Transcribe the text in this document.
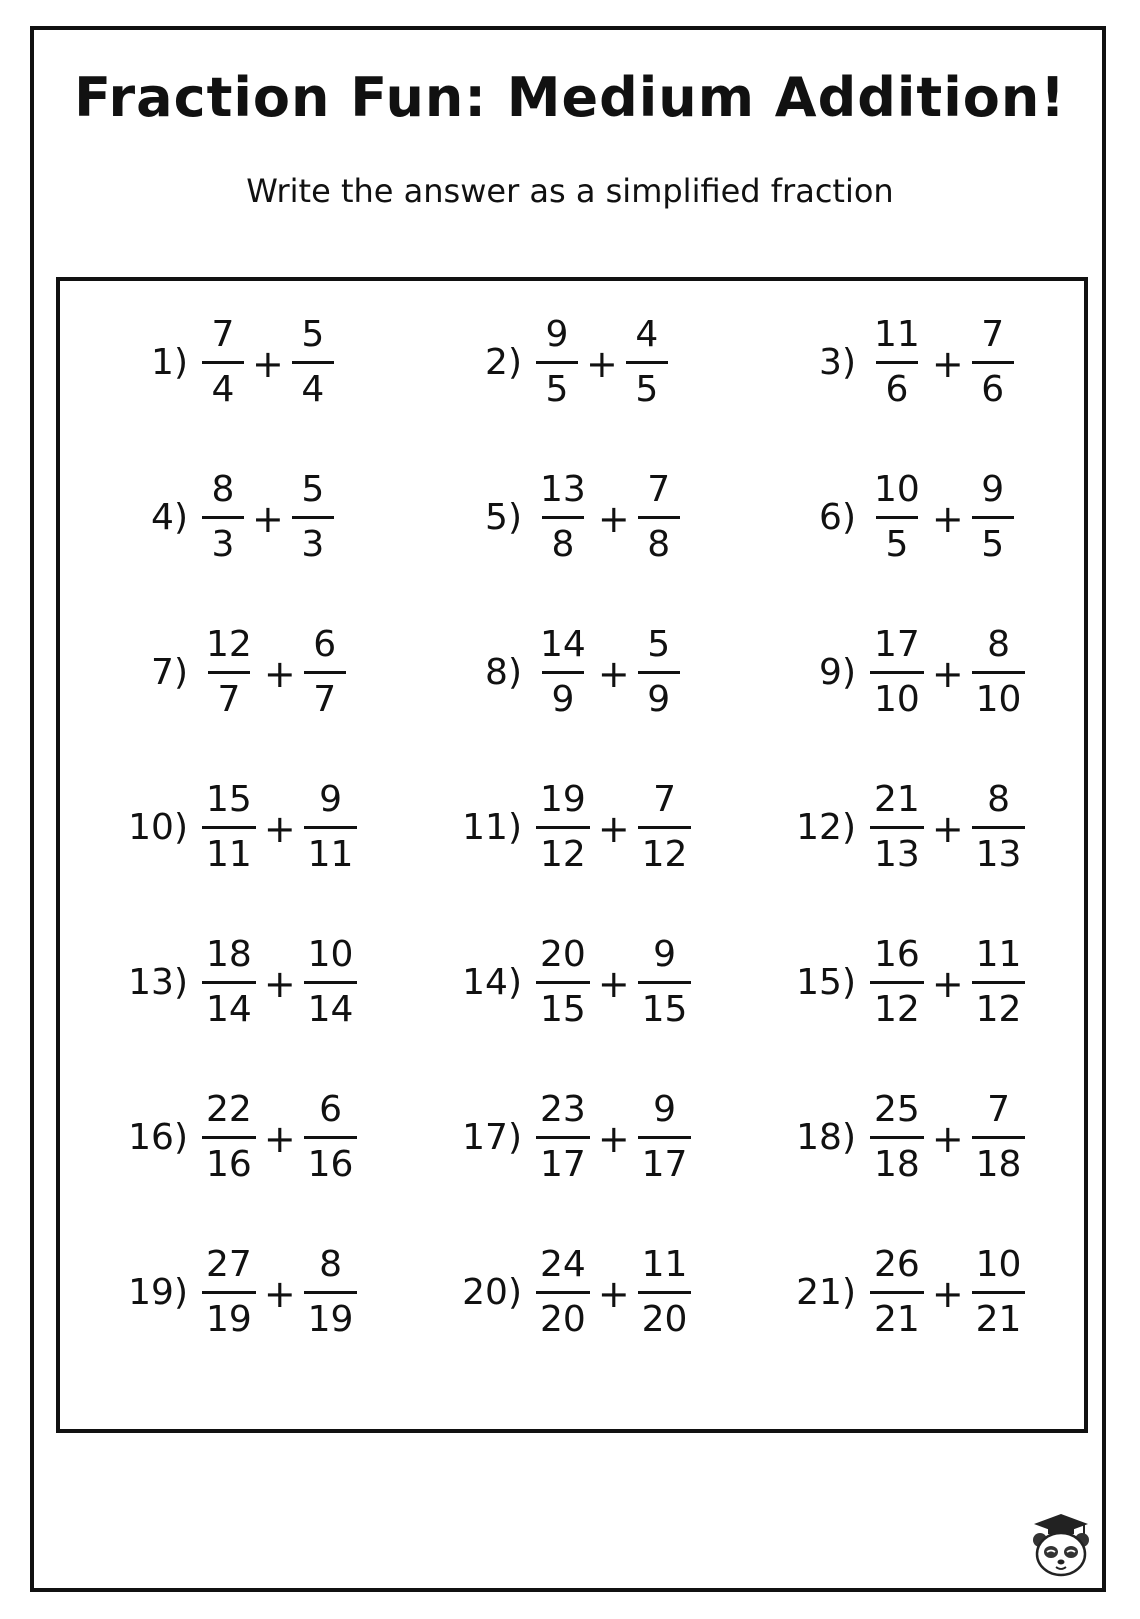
Fraction Fun: Medium Addition!
Write the answer as a simplified fraction
$1) \frac{7}{4} + \frac{5}{4}$	$2) \frac{9}{5} + \frac{4}{5}$	$3) \frac{11}{6} + \frac{7}{6}$
$4) \frac{8}{3} + \frac{5}{3}$	$5) \frac{13}{8} + \frac{7}{8}$	$6) \frac{10}{5} + \frac{9}{5}$
$7) \frac{12}{7} + \frac{6}{7}$	$8) \frac{14}{9} + \frac{5}{9}$	$9) \frac{17}{10} + \frac{8}{10}$
$10) \frac{15}{11} + \frac{9}{11}$	$11) \frac{19}{12} + \frac{7}{12}$	$12) \frac{21}{13} + \frac{8}{13}$
$13) \frac{18}{14} + \frac{10}{14}$	$14) \frac{20}{15} + \frac{9}{15}$	$15) \frac{16}{12} + \frac{11}{12}$
$16) \frac{22}{16} + \frac{6}{16}$	$17) \frac{23}{17} + \frac{9}{17}$	$18) \frac{25}{18} + \frac{7}{18}$
$19) \frac{27}{19} + \frac{8}{19}$	$20) \frac{24}{20} + \frac{11}{20}$	$21) \frac{26}{21} + \frac{10}{21}$
